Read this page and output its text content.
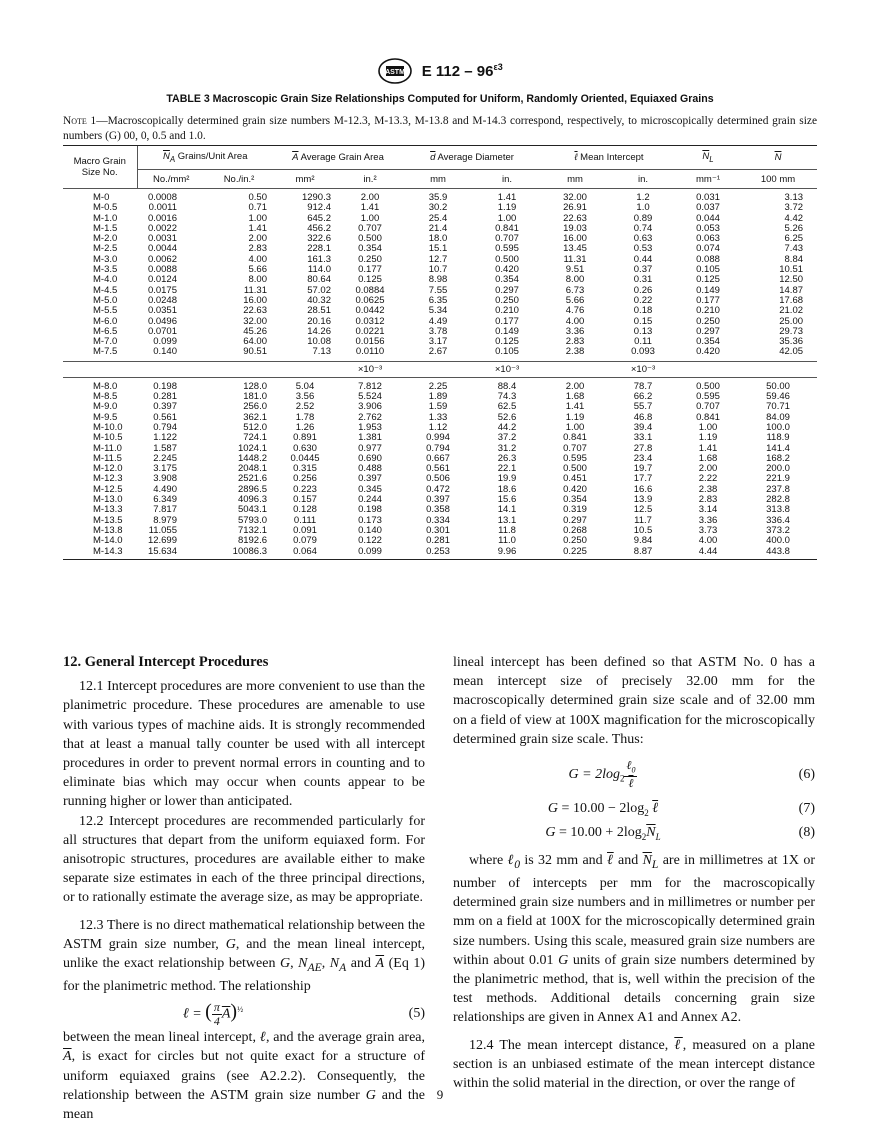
ASTM E $112 - 96^{\varepsilon 3}$
TABLE 3 Macroscopic Grain Size Relationships Computed for Uniform, Randomly Oriented, Equiaxed Grains
Note 1—Macroscopically determined grain size numbers M-12.3, M-13.3, M-13.8 and M-14.3 correspond, respectively, to microscopically determined grain size numbers (G) 00, 0, 0.5 and 1.0.
Macro Grain
Size No.	$\overline{N}_A$ Grains/Unit Area		$\overline{A}$ Average Grain Area		$\overline{d}$ Average Diameter		ℓ Mean Intercept		$\overline{N}_L$	$\overline{N}$
	No./mm²	No./in.²	mm²	in.²	mm	in.	mm	in.	mm⁻¹	100 mm
M-0	0.0008	0.50	1290.3	2.00	35.9	1.41	32.00	1.2	0.031	3.13
M-0.5	0.0011	0.71	912.4	1.41	30.2	1.19	26.91	1.0	0.037	3.72
M-1.0	0.0016	1.00	645.2	1.00	25.4	1.00	22.63	0.89	0.044	4.42
M-1.5	0.0022	1.41	456.2	0.707	21.4	0.841	19.03	0.74	0.053	5.26
M-2.0	0.0031	2.00	322.6	0.500	18.0	0.707	16.00	0.63	0.063	6.25
M-2.5	0.0044	2.83	228.1	0.354	15.1	0.595	13.45	0.53	0.074	7.43
M-3.0	0.0062	4.00	161.3	0.250	12.7	0.500	11.31	0.44	0.088	8.84
M-3.5	0.0088	5.66	114.0	0.177	10.7	0.420	9.51	0.37	0.105	10.51
M-4.0	0.0124	8.00	80.64	0.125	8.98	0.354	8.00	0.31	0.125	12.50
M-4.5	0.0175	11.31	57.02	0.0884	7.55	0.297	6.73	0.26	0.149	14.87
M-5.0	0.0248	16.00	40.32	0.0625	6.35	0.250	5.66	0.22	0.177	17.68
M-5.5	0.0351	22.63	28.51	0.0442	5.34	0.210	4.76	0.18	0.210	21.02
M-6.0	0.0496	32.00	20.16	0.0312	4.49	0.177	4.00	0.15	0.250	25.00
M-6.5	0.0701	45.26	14.26	0.0221	3.78	0.149	3.36	0.13	0.297	29.73
M-7.0	0.099	64.00	10.08	0.0156	3.17	0.125	2.83	0.11	0.354	35.36
M-7.5	0.140	90.51	7.13	0.0110	2.67	0.105	2.38	0.093	0.420	42.05
				×10⁻³		×10⁻³		×10⁻³		
M-8.0	0.198	128.0	5.04	7.812	2.25	88.4	2.00	78.7	0.500	50.00
M-8.5	0.281	181.0	3.56	5.524	1.89	74.3	1.68	66.2	0.595	59.46
M-9.0	0.397	256.0	2.52	3.906	1.59	62.5	1.41	55.7	0.707	70.71
M-9.5	0.561	362.1	1.78	2.762	1.33	52.6	1.19	46.8	0.841	84.09
M-10.0	0.794	512.0	1.26	1.953	1.12	44.2	1.00	39.4	1.00	100.0
M-10.5	1.122	724.1	0.891	1.381	0.994	37.2	0.841	33.1	1.19	118.9
M-11.0	1.587	1024.1	0.630	0.977	0.794	31.2	0.707	27.8	1.41	141.4
M-11.5	2.245	1448.2	0.0445	0.690	0.667	26.3	0.595	23.4	1.68	168.2
M-12.0	3.175	2048.1	0.315	0.488	0.561	22.1	0.500	19.7	2.00	200.0
M-12.3	3.908	2521.6	0.256	0.397	0.506	19.9	0.451	17.7	2.22	221.9
M-12.5	4.490	2896.5	0.223	0.345	0.472	18.6	0.420	16.6	2.38	237.8
M-13.0	6.349	4096.3	0.157	0.244	0.397	15.6	0.354	13.9	2.83	282.8
M-13.3	7.817	5043.1	0.128	0.198	0.358	14.1	0.319	12.5	3.14	313.8
M-13.5	8.979	5793.0	0.111	0.173	0.334	13.1	0.297	11.7	3.36	336.4
M-13.8	11.055	7132.1	0.091	0.140	0.301	11.8	0.268	10.5	3.73	373.2
M-14.0	12.699	8192.6	0.079	0.122	0.281	11.0	0.250	9.84	4.00	400.0
M-14.3	15.634	10086.3	0.064	0.099	0.253	9.96	0.225	8.87	4.44	443.8
12. General Intercept Procedures

12.1 Intercept procedures are more convenient to use than the planimetric procedure. These procedures are amenable to use with various types of machine aids. It is strongly recommended that at least a manual tally counter be used with all intercept procedures in order to prevent normal errors in counting and to eliminate bias which may occur when counts appear to be running higher or lower than anticipated.

12.2 Intercept procedures are recommended particularly for all structures that depart from the uniform equiaxed form. For anisotropic structures, procedures are available either to make separate size estimates in each of the three principal directions, or to rationally estimate the average size, as may be appropriate.

12.3 There is no direct mathematical relationship between the ASTM grain size number, G, and the mean lineal intercept, unlike the exact relationship between G, $N_{AE}$, $N_A$ and $\overline{A}$ (Eq 1) for the planimetric method. The relationship

ℓ = ( $\frac{\pi}{4} \overline{A})^{\frac{1}{2}}$	(5)

between the mean lineal intercept, ℓ, and the average grain area, $\overline{A}$, is exact for circles but not quite exact for a structure of uniform equiaxed grains (see A2.2.2). Consequently, the relationship between the ASTM grain size number G and the mean

lineal intercept has been defined so that ASTM No. 0 has a mean intercept size of precisely 32.00 mm for the macroscopically determined grain size scale and of 32.00 mm on a field of view at 100X magnification for the microscopically determined grain size scale. Thus:

$G = 2\log_2 \frac{\ell_0}{\text{ℓ}}$	(6)
$G = 10.00 - 2\log_2$ ℓ	(7)
$G = 10.00 + 2\log_2\overline{N}_L$	(8)

where ℓ$_0$ is 32 mm and ℓ and $\overline{N}_L$ are in millimetres at 1X or number of intercepts per mm for the macroscopically determined grain size numbers and in millimetres or number per mm on a field at 100X for the microscopically determined grain size numbers. Using this scale, measured grain size numbers are within about 0.01 G units of grain size numbers determined by the planimetric method, that is, well within the precision of the test methods. Additional details concerning grain size relationships are given in Annex A1 and Annex A2.

12.4 The mean intercept distance, ℓ, measured on a plane section is an unbiased estimate of the mean intercept distance within the solid material in the direction, or over the range of

9
